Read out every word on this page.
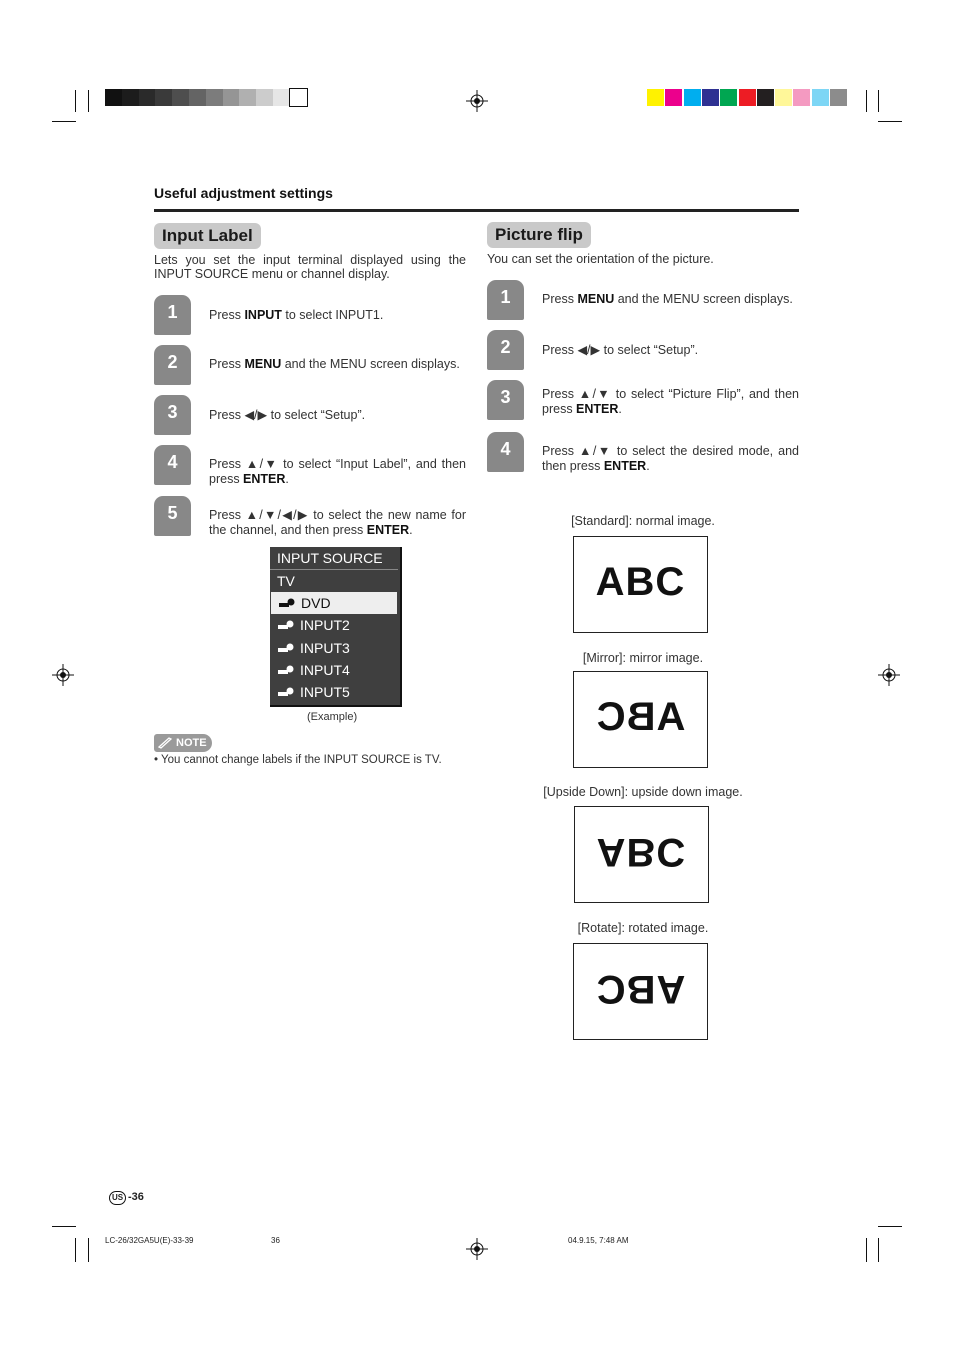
Useful adjustment settings
Input Label
Lets you set the input terminal displayed using the INPUT SOURCE menu or channel display.
1	Press INPUT to select INPUT1.
2	Press MENU and the MENU screen displays.
3	Press ◀/▶ to select “Setup”.
4	Press ▲/▼ to select “Input Label”, and then press ENTER.
5	Press ▲/▼/◀/▶ to select the new name for the channel, and then press ENTER.
INPUT SOURCE
TV
DVD
INPUT2
INPUT3
INPUT4
INPUT5
(Example)
NOTE
• You cannot change labels if the INPUT SOURCE is TV.
Picture flip
You can set the orientation of the picture.
1	Press MENU and the MENU screen displays.
2	Press ◀/▶ to select “Setup”.
3	Press ▲/▼ to select “Picture Flip”, and then press ENTER.
4	Press ▲/▼ to select the desired mode, and then press ENTER.
[Standard]: normal image.
ABC
[Mirror]: mirror image.
ABC
[Upside Down]: upside down image.
ABC
[Rotate]: rotated image.
ABC
US -36
LC-26/32GA5U(E)-33-39	36	04.9.15, 7:48 AM
